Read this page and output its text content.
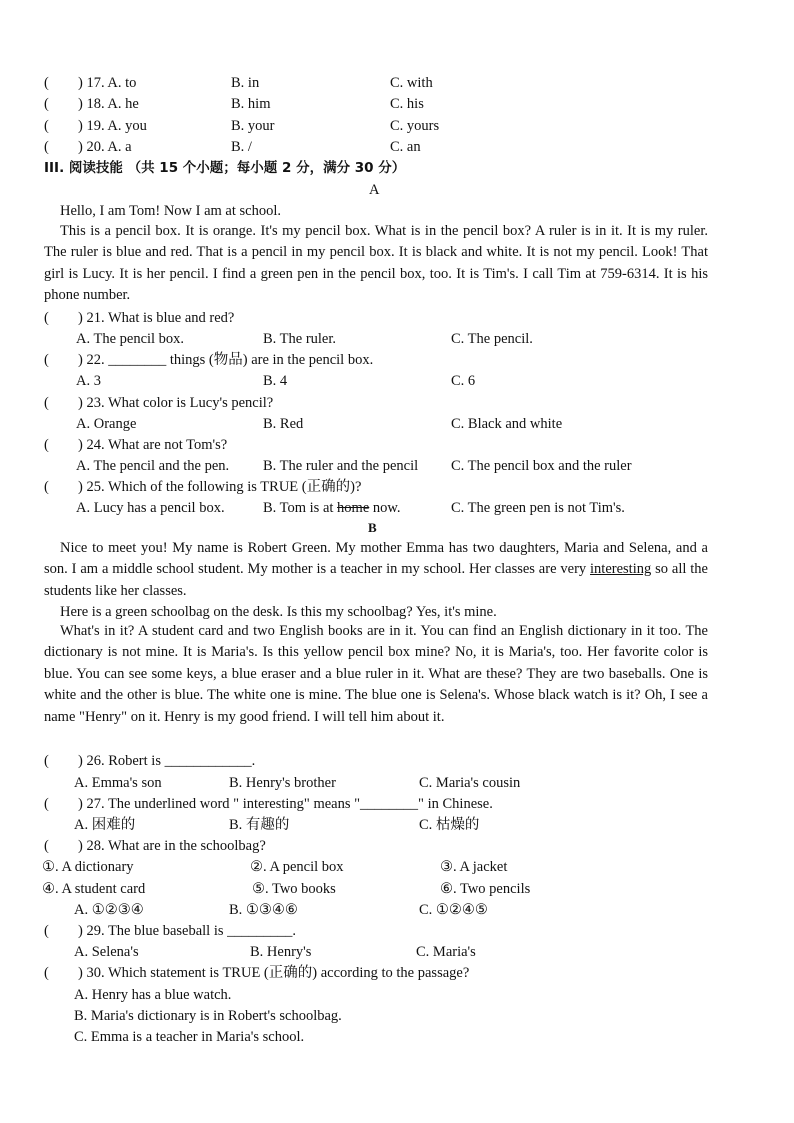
( ) 17. A. to	B. in	C. with
( ) 18. A. he	B. him	C. his
( ) 19. A. you	B. your	C. yours
( ) 20. A. a	B. /	C. an
III. 阅读技能 （共 15 个小题；每小题 2 分，满分 30 分）
A
Hello, I am Tom! Now I am at school.
This is a pencil box. It is orange. It's my pencil box. What is in the pencil box? A ruler is in it. It is my ruler. The ruler is blue and red. That is a pencil in my pencil box. It is black and white. It is not my pencil. Look! That girl is Lucy. It is her pencil. I find a green pen in the pencil box, too. It is Tim's. I call Tim at 759-6314. It is his phone number.
( ) 21. What is blue and red?
A. The pencil box.	B. The ruler.	C. The pencil.
( ) 22. ________ things (物品) are in the pencil box.
A. 3	B. 4	C. 6
( ) 23. What color is Lucy's pencil?
A. Orange	B. Red	C. Black and white
( ) 24. What are not Tom's?
A. The pencil and the pen. B. The ruler and the pencil C. The pencil box and the ruler
( ) 25. Which of the following is TRUE (正确的)?
A. Lucy has a pencil box.	B. Tom is at home now.	C. The green pen is not Tim's.
B
Nice to meet you! My name is Robert Green. My mother Emma has two daughters, Maria and Selena, and a son. I am a middle school student. My mother is a teacher in my school. Her classes are very interesting so all the students like her classes.
Here is a green schoolbag on the desk. Is this my schoolbag? Yes, it's mine.
What's in it? A student card and two English books are in it. You can find an English dictionary in it too. The dictionary is not mine. It is Maria's. Is this yellow pencil box mine? No, it is Maria's, too. Her favorite color is blue. You can see some keys, a blue eraser and a blue ruler in it. What are these? They are two baseballs. One is white and the other is blue. The white one is mine. The blue one is Selena's. Whose black watch is it? Oh, I see a name "Henry" on it. Henry is my good friend. I will tell him about it.
( ) 26. Robert is ____________.
A. Emma's son	B. Henry's brother	C. Maria's cousin
( ) 27. The underlined word " interesting" means "________" in Chinese.
A. 困难的	B. 有趣的	C. 枯燥的
( ) 28. What are in the schoolbag?
①. A dictionary	②. A pencil box	③. A jacket
④. A student card	⑤. Two books	⑥. Two pencils
A. ①②③④	B. ①③④⑥	C. ①②④⑤
( ) 29. The blue baseball is _________.
A. Selena's	B. Henry's	C. Maria's
( ) 30. Which statement is TRUE (正确的) according to the passage?
A. Henry has a blue watch.
B. Maria's dictionary is in Robert's schoolbag.
C. Emma is a teacher in Maria's school.
